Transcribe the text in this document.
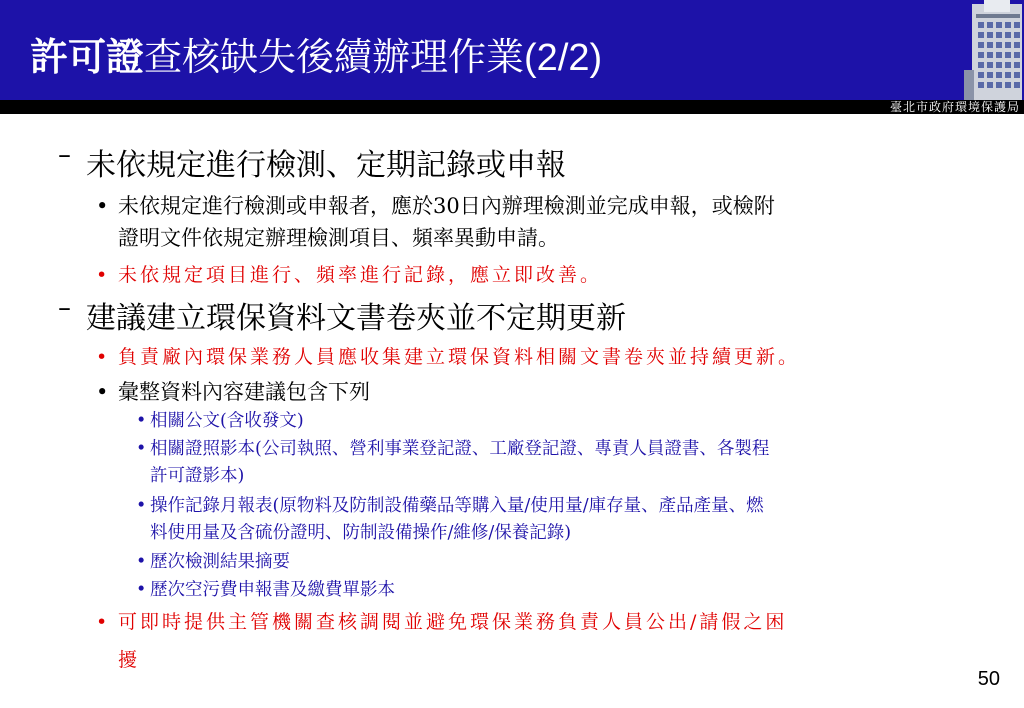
許可證查核缺失後續辦理作業(2/2)
臺北市政府環境保護局
– 未依規定進行檢測、定期記錄或申報
• 未依規定進行檢測或申報者，應於30日內辦理檢測並完成申報，或檢附
證明文件依規定辦理檢測項目、頻率異動申請。
• 未依規定項目進行、頻率進行記錄，應立即改善。
– 建議建立環保資料文書卷夾並不定期更新
• 負責廠內環保業務人員應收集建立環保資料相關文書卷夾並持續更新。
• 彙整資料內容建議包含下列
• 相關公文(含收發文)
• 相關證照影本(公司執照、營利事業登記證、工廠登記證、專責人員證書、各製程
許可證影本)
• 操作記錄月報表(原物料及防制設備藥品等購入量/使用量/庫存量、產品產量、燃
料使用量及含硫份證明、防制設備操作/維修/保養記錄)
• 歷次檢測結果摘要
• 歷次空污費申報書及繳費單影本
• 可即時提供主管機關查核調閱並避免環保業務負責人員公出/請假之困
擾
50
